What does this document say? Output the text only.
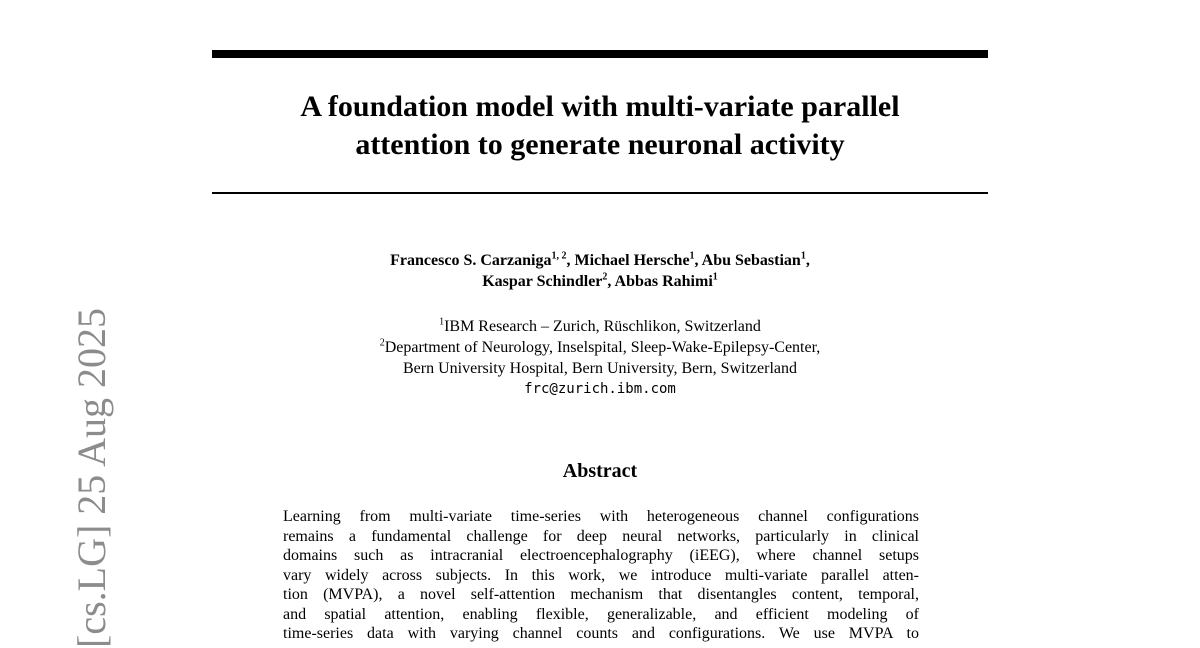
[cs.LG] 25 Aug 2025
A foundation model with multi-variate parallel
attention to generate neuronal activity
Francesco S. Carzaniga$^{1, 2}$, Michael Hersche$^1$, Abu Sebastian$^1$,
Kaspar Schindler$^2$, Abbas Rahimi$^1$
$^1$IBM Research – Zurich, Rüschlikon, Switzerland
$^2$Department of Neurology, Inselspital, Sleep-Wake-Epilepsy-Center,
Bern University Hospital, Bern University, Bern, Switzerland
frc@zurich.ibm.com
Abstract
Learning from multi-variate time-series with heterogeneous channel configurations
remains a fundamental challenge for deep neural networks, particularly in clinical
domains such as intracranial electroencephalography (iEEG), where channel setups
vary widely across subjects. In this work, we introduce multi-variate parallel atten-
tion (MVPA), a novel self-attention mechanism that disentangles content, temporal,
and spatial attention, enabling flexible, generalizable, and efficient modeling of
time-series data with varying channel counts and configurations. We use MVPA to
